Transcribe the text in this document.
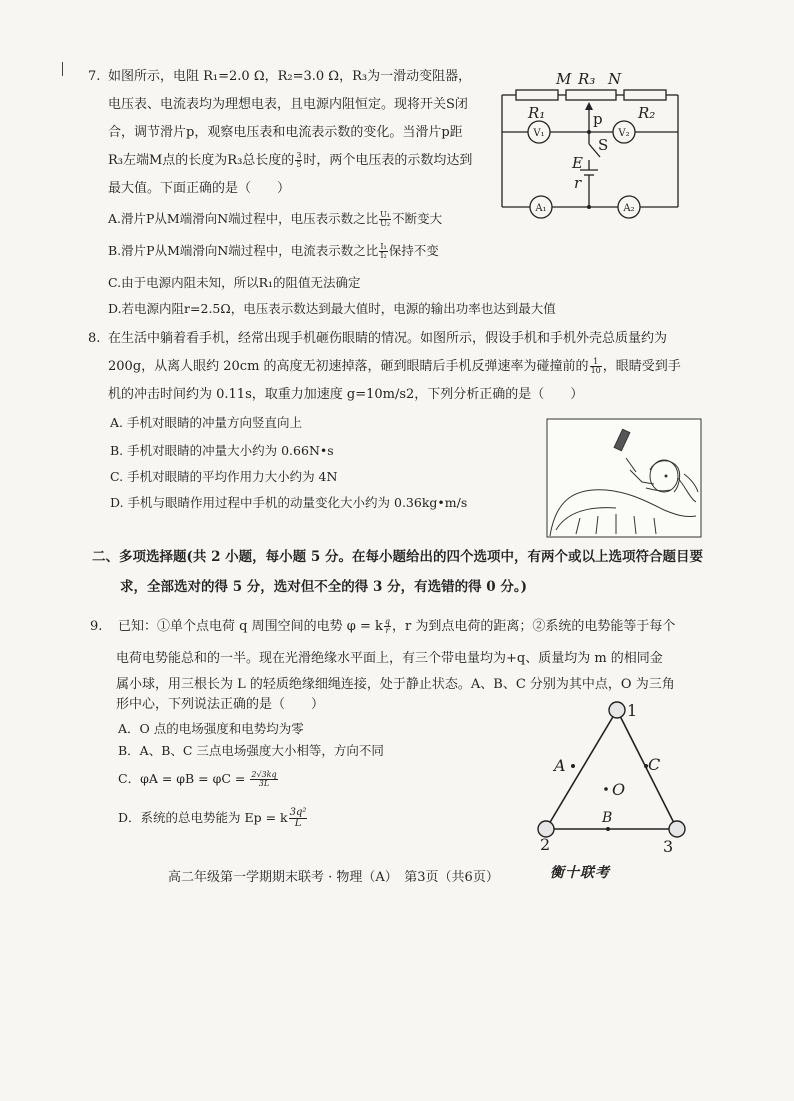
7. 如图所示，电阻 R₁=2.0 Ω，R₂=3.0 Ω，R₃为一滑动变阻器，
电压表、电流表均为理想电表，且电源内阻恒定。现将开关S闭
合，调节滑片p，观察电压表和电流表示数的变化。当滑片p距
R₃左端M点的长度为R₃总长度的 $\frac{3}{5}$ 时，两个电压表的示数均达到
最大值。下面正确的是（　　）
A.滑片P从M端滑向N端过程中，电压表示数之比 $\frac{\text{U₁}}{\text{U₂}}$ 不断变大
B.滑片P从M端滑向N端过程中，电流表示数之比 $\frac{\text{I₁}}{\text{I₂}}$ 保持不变
C.由于电源内阻未知，所以R₁的阻值无法确定
D.若电源内阻r=2.5Ω，电压表示数达到最大值时，电源的输出功率也达到最大值
M R₃ N
R₁	R₂
p
S
E
r
V₁	V₂
A₁	A₂
8. 在生活中躺着看手机，经常出现手机砸伤眼睛的情况。如图所示，假设手机和手机外壳总质量约为
200g，从离人眼约 20cm 的高度无初速掉落，砸到眼睛后手机反弹速率为碰撞前的 $\frac{1}{10}$ ，眼睛受到手
机的冲击时间约为 0.11s，取重力加速度 g=10m/s2，下列分析正确的是（　　）
A. 手机对眼睛的冲量方向竖直向上
B. 手机对眼睛的冲量大小约为 0.66N•s
C. 手机对眼睛的平均作用力大小约为 4N
D. 手机与眼睛作用过程中手机的动量变化大小约为 0.36kg•m/s
二、多项选择题(共 2 小题，每小题 5 分。在每小题给出的四个选项中，有两个或以上选项符合题目要
求，全部选对的得 5 分，选对但不全的得 3 分，有选错的得 0 分。)
9. 已知：①单个点电荷 q 周围空间的电势 φ = k $\frac{q}{r}$ ，r 为到点电荷的距离；②系统的电势能等于每个
电荷电势能总和的一半。现在光滑绝缘水平面上，有三个带电量均为+q、质量均为 m 的相同金
属小球，用三根长为 L 的轻质绝缘细绳连接，处于静止状态。A、B、C 分别为其中点，O 为三角
形中心，下列说法正确的是（　　）
A．O 点的电场强度和电势均为零
B．A、B、C 三点电场强度大小相等，方向不同
C．$\varphi A = \varphi B = \varphi C = \frac{2√3kq}{3L}$
D．系统的总电势能为 Ep = k $\frac{\text{3q²}}{L}$
1
2	3
A	C
B
O
高二年级第一学期期末联考 · 物理（A）　第3页（共6页）	衡十联考
